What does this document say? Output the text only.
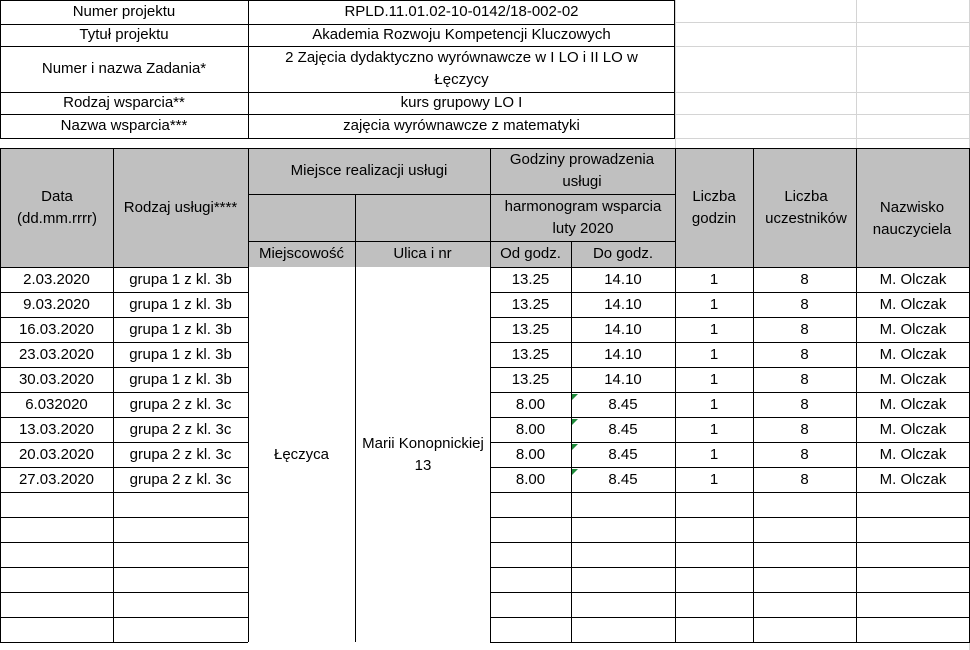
Numer projektu	RPLD.11.01.02-10-0142/18-002-02
Tytuł projektu	Akademia Rozwoju Kompetencji Kluczowych
Numer i nazwa Zadania*
2 Zajęcia dydaktyczno wyrównawcze w I LO i II LO w Łęczycy
Rodzaj wsparcia**	kurs grupowy LO I
Nazwa wsparcia***	zajęcia wyrównawcze z matematyki
Data (dd.mm.rrrr)
Rodzaj usługi****
Miejsce realizacji usługi
Miejscowość	Ulica i nr
Godziny prowadzenia usługi
harmonogram wsparcia luty 2020
Od godz.	Do godz.
Liczba godzin
Liczba uczestników
Nazwisko nauczyciela
Łęczyca
Marii Konopnickiej 13
2.03.2020	grupa 1 z kl. 3b	13.25	14.10	1	8	M. Olczak
9.03.2020	grupa 1 z kl. 3b	13.25	14.10	1	8	M. Olczak
16.03.2020	grupa 1 z kl. 3b	13.25	14.10	1	8	M. Olczak
23.03.2020	grupa 1 z kl. 3b	13.25	14.10	1	8	M. Olczak
30.03.2020	grupa 1 z kl. 3b	13.25	14.10	1	8	M. Olczak
6.032020	grupa 2 z kl. 3c	8.00	8.45	1	8	M. Olczak
13.03.2020	grupa 2 z kl. 3c	8.00	8.45	1	8	M. Olczak
20.03.2020	grupa 2 z kl. 3c	8.00	8.45	1	8	M. Olczak
27.03.2020	grupa 2 z kl. 3c	8.00	8.45	1	8	M. Olczak
